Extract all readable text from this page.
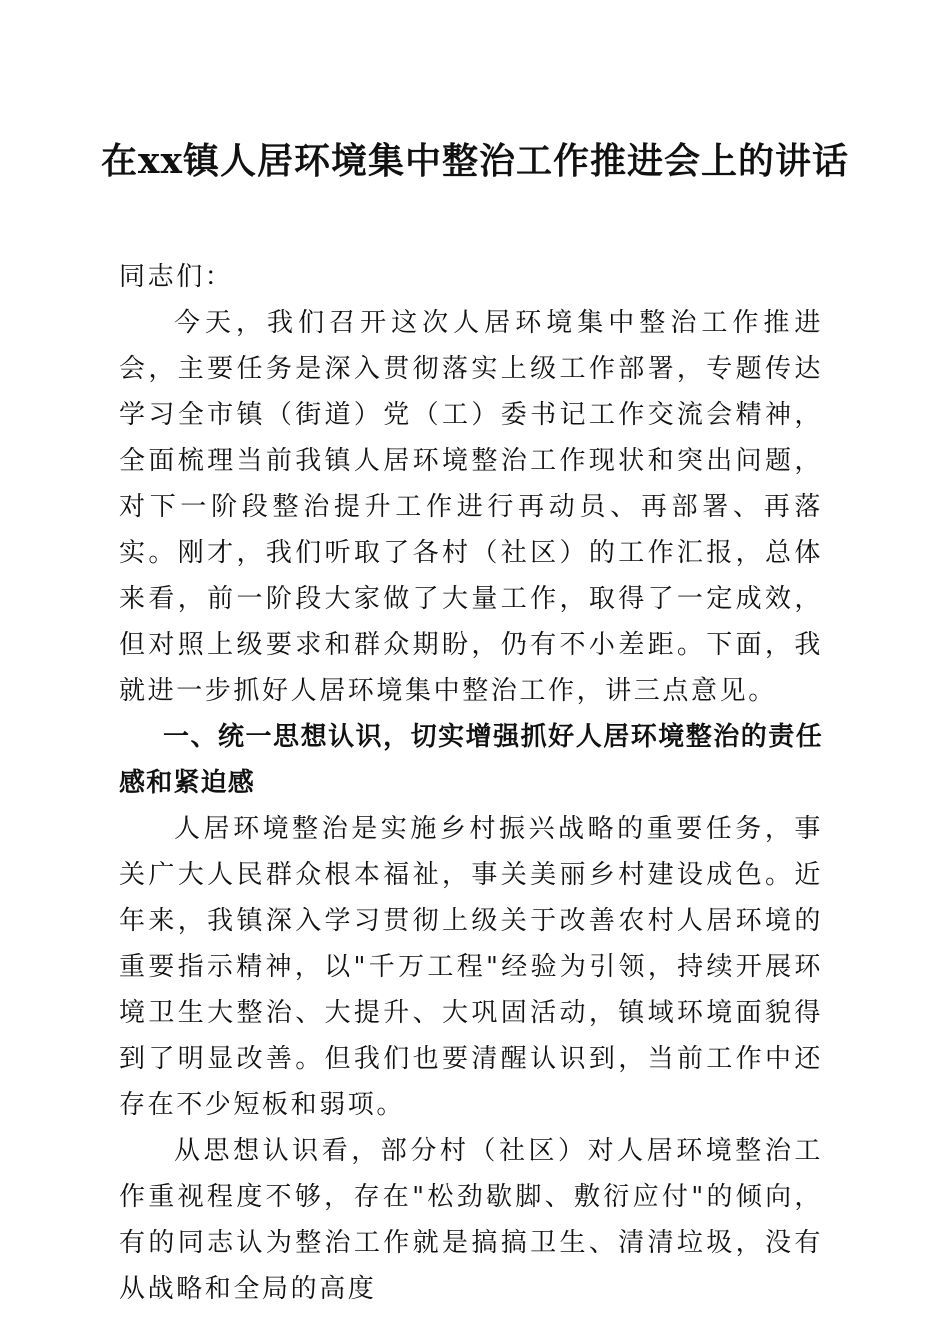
在xx镇人居环境集中整治工作推进会上的讲话

同志们：

今天，我们召开这次人居环境集中整治工作推进会，主要任务是深入贯彻落实上级工作部署，专题传达学习全市镇（街道）党（工）委书记工作交流会精神，全面梳理当前我镇人居环境整治工作现状和突出问题，对下一阶段整治提升工作进行再动员、再部署、再落实。刚才，我们听取了各村（社区）的工作汇报，总体来看，前一阶段大家做了大量工作，取得了一定成效，但对照上级要求和群众期盼，仍有不小差距。下面，我就进一步抓好人居环境集中整治工作，讲三点意见。

一、统一思想认识，切实增强抓好人居环境整治的责任感和紧迫感

人居环境整治是实施乡村振兴战略的重要任务，事关广大人民群众根本福祉，事关美丽乡村建设成色。近年来，我镇深入学习贯彻上级关于改善农村人居环境的重要指示精神，以"千万工程"经验为引领，持续开展环境卫生大整治、大提升、大巩固活动，镇域环境面貌得到了明显改善。但我们也要清醒认识到，当前工作中还存在不少短板和弱项。

从思想认识看，部分村（社区）对人居环境整治工作重视程度不够，存在"松劲歇脚、敷衍应付"的倾向，有的同志认为整治工作就是搞搞卫生、清清垃圾，没有从战略和全局的高度
